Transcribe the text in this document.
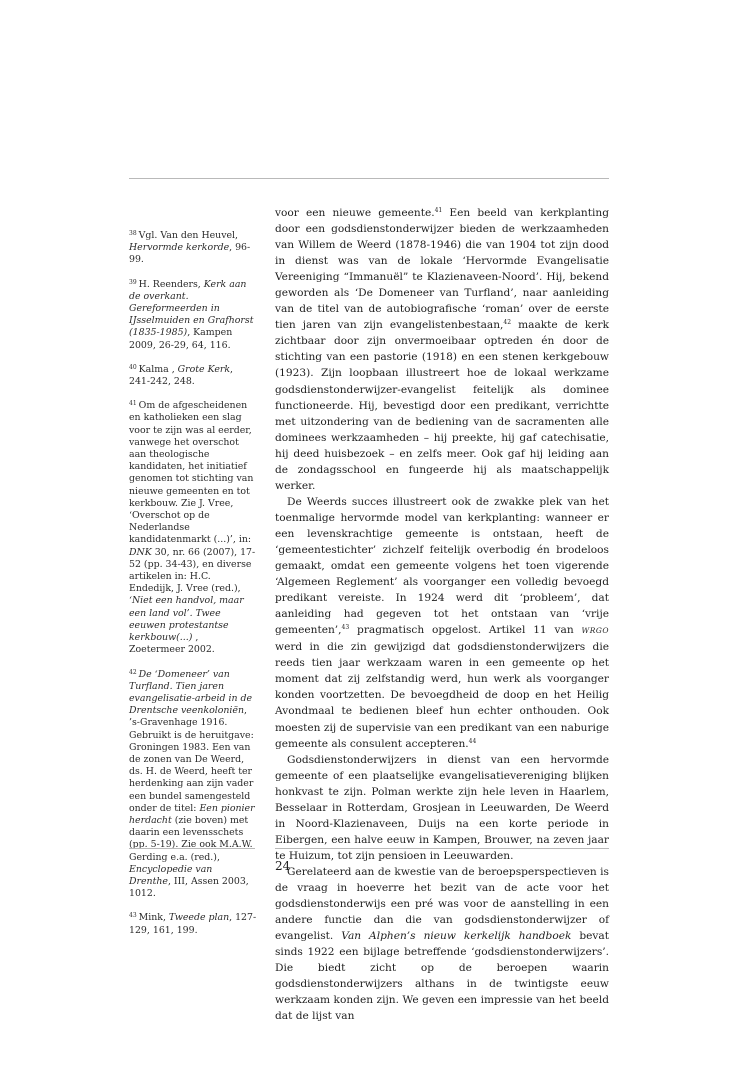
$^{38}$ Vgl. Van den Heuvel, Hervormde kerkorde, 96-99.

$^{39}$ H. Reenders, Kerk aan de overkant. Gereformeerden in IJsselmuiden en Grafhorst (1835-1985), Kampen 2009, 26-29, 64, 116.

$^{40}$ Kalma , Grote Kerk, 241-242, 248.

$^{41}$ Om de afgescheidenen en katholieken een slag voor te zijn was al eerder, vanwege het overschot aan theologische kandidaten, het initiatief genomen tot stichting van nieuwe gemeenten en tot kerkbouw. Zie J. Vree, ‘Overschot op de Nederlandse kandidatenmarkt (...)’, in: DNK 30, nr. 66 (2007), 17-52 (pp. 34-43), en diverse artikelen in: H.C. Endedijk, J. Vree (red.), ‘Niet een handvol, maar een land vol’. Twee eeuwen protestantse kerkbouw(...) , Zoetermeer 2002.

$^{42}$ De ‘Domeneer’ van Turfland. Tien jaren evangelisatie-arbeid in de Drentsche veenkoloniën, ’s-Gravenhage 1916. Gebruikt is de heruitgave: Groningen 1983. Een van de zonen van De Weerd, ds. H. de Weerd, heeft ter herdenking aan zijn vader een bundel samengesteld onder de titel: Een pionier herdacht (zie boven) met daarin een levensschets (pp. 5-19). Zie ook M.A.W. Gerding e.a. (red.), Encyclopedie van Drenthe, III, Assen 2003, 1012.

$^{43}$ Mink, Tweede plan, 127-129, 161, 199.

voor een nieuwe gemeente.$^{41}$ Een beeld van kerkplanting door een godsdienstonderwijzer bieden de werkzaamheden van Willem de Weerd (1878-1946) die van 1904 tot zijn dood in dienst was van de lokale ‘Hervormde Evangelisatie Vereeniging “Immanuël” te Klazienaveen-Noord’. Hij, bekend geworden als ‘De Domeneer van Turfland’, naar aanleiding van de titel van de autobiografische ‘roman’ over de eerste tien jaren van zijn evangelistenbestaan,$^{42}$ maakte de kerk zichtbaar door zijn onvermoeibaar optreden én door de stichting van een pastorie (1918) en een stenen kerkgebouw (1923). Zijn loopbaan illustreert hoe de lokaal werkzame godsdienstonderwijzer-evangelist feitelijk als dominee functioneerde. Hij, bevestigd door een predikant, verrichtte met uitzondering van de bediening van de sacramenten alle dominees werkzaamheden – hij preekte, hij gaf catechisatie, hij deed huisbezoek – en zelfs meer. Ook gaf hij leiding aan de zondagsschool en fungeerde hij als maatschappelijk werker.

De Weerds succes illustreert ook de zwakke plek van het toenmalige hervormde model van kerkplanting: wanneer er een levenskrachtige gemeente is ontstaan, heeft de ‘gemeentestichter’ zichzelf feitelijk overbodig én brodeloos gemaakt, omdat een gemeente volgens het toen vigerende ‘Algemeen Reglement’ als voorganger een volledig bevoegd predikant vereiste. In 1924 werd dit ‘probleem’, dat aanleiding had gegeven tot het ontstaan van ‘vrije gemeenten’,$^{43}$ pragmatisch opgelost. Artikel 11 van WRGO werd in die zin gewijzigd dat godsdienstonderwijzers die reeds tien jaar werkzaam waren in een gemeente op het moment dat zij zelfstandig werd, hun werk als voorganger konden voortzetten. De bevoegdheid de doop en het Heilig Avondmaal te bedienen bleef hun echter onthouden. Ook moesten zij de supervisie van een predikant van een naburige gemeente als consulent accepteren.$^{44}$

Godsdienstonderwijzers in dienst van een hervormde gemeente of een plaatselijke evangelisatievereniging blijken honkvast te zijn. Polman werkte zijn hele leven in Haarlem, Besselaar in Rotterdam, Grosjean in Leeuwarden, De Weerd in Noord-Klazienaveen, Duijs na een korte periode in Eibergen, een halve eeuw in Kampen, Brouwer, na zeven jaar te Huizum, tot zijn pensioen in Leeuwarden.

Gerelateerd aan de kwestie van de beroepsperspectieven is de vraag in hoeverre het bezit van de acte voor het godsdienstonderwijs een pré was voor de aanstelling in een andere functie dan die van godsdienstonderwijzer of evangelist. Van Alphen’s nieuw kerkelijk handboek bevat sinds 1922 een bijlage betreffende ‘godsdienstonderwijzers’. Die biedt zicht op de beroepen waarin godsdienstonderwijzers althans in de twintigste eeuw werkzaam konden zijn. We geven een impressie van het beeld dat de lijst van

24
